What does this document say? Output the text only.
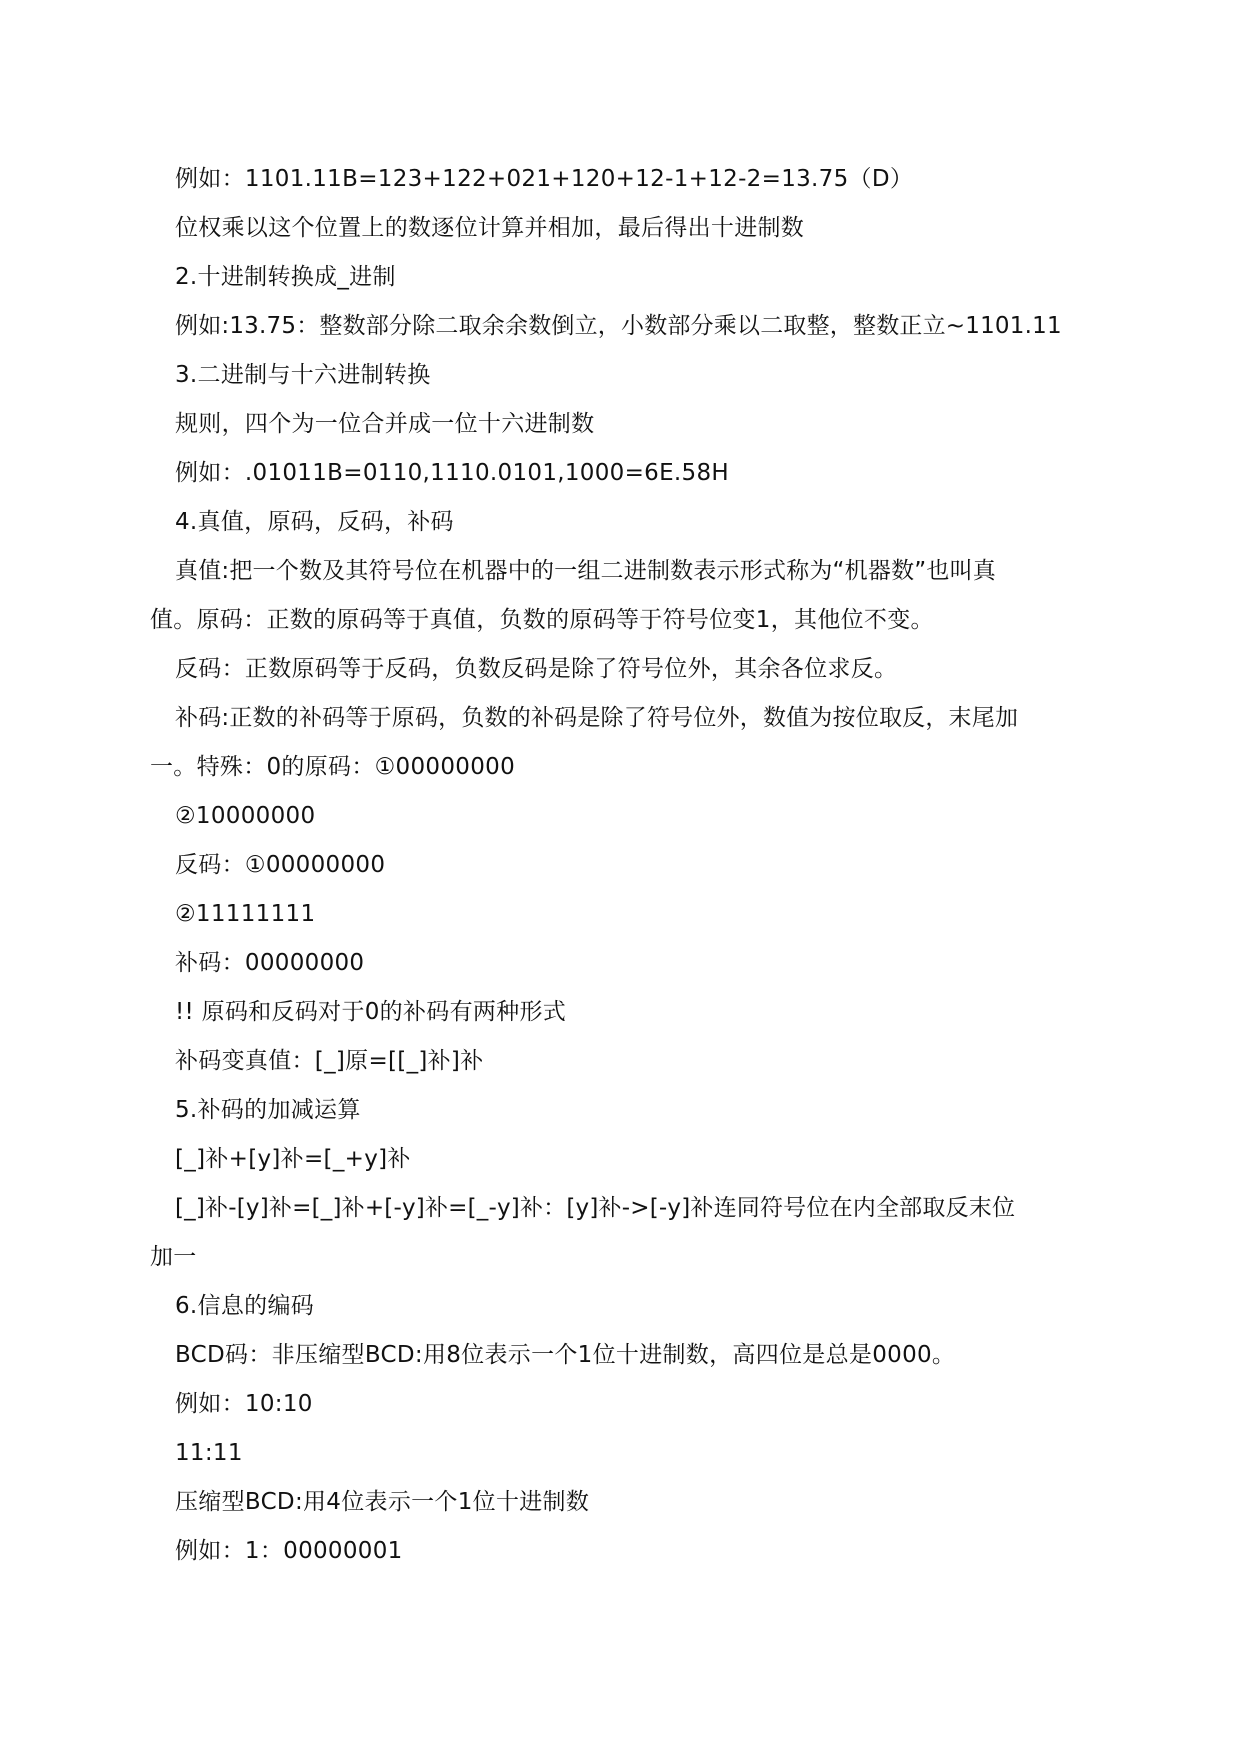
例如：1101.11B=123+122+021+120+12-1+12-2=13.75（D）
位权乘以这个位置上的数逐位计算并相加，最后得出十进制数
2.十进制转换成_进制
例如:13.75：整数部分除二取余余数倒立，小数部分乘以二取整，整数正立~1101.11
3.二进制与十六进制转换
规则，四个为一位合并成一位十六进制数
例如：.01011B=0110,1110.0101,1000=6E.58H
4.真值，原码，反码，补码
真值:把一个数及其符号位在机器中的一组二进制数表示形式称为“机器数”也叫真
值。原码：正数的原码等于真值，负数的原码等于符号位变1，其他位不变。
反码：正数原码等于反码，负数反码是除了符号位外，其余各位求反。
补码:正数的补码等于原码，负数的补码是除了符号位外，数值为按位取反，末尾加
一。特殊：0的原码：①00000000
②10000000
反码：①00000000
②11111111
补码：00000000
!! 原码和反码对于0的补码有两种形式
补码变真值：[_]原=[[_]补]补
5.补码的加减运算
[_]补+[y]补=[_+y]补
[_]补-[y]补=[_]补+[-y]补=[_-y]补：[y]补->[-y]补连同符号位在内全部取反末位
加一
6.信息的编码
BCD码：非压缩型BCD:用8位表示一个1位十进制数，高四位是总是0000。
例如：10:10
11:11
压缩型BCD:用4位表示一个1位十进制数
例如：1：00000001
